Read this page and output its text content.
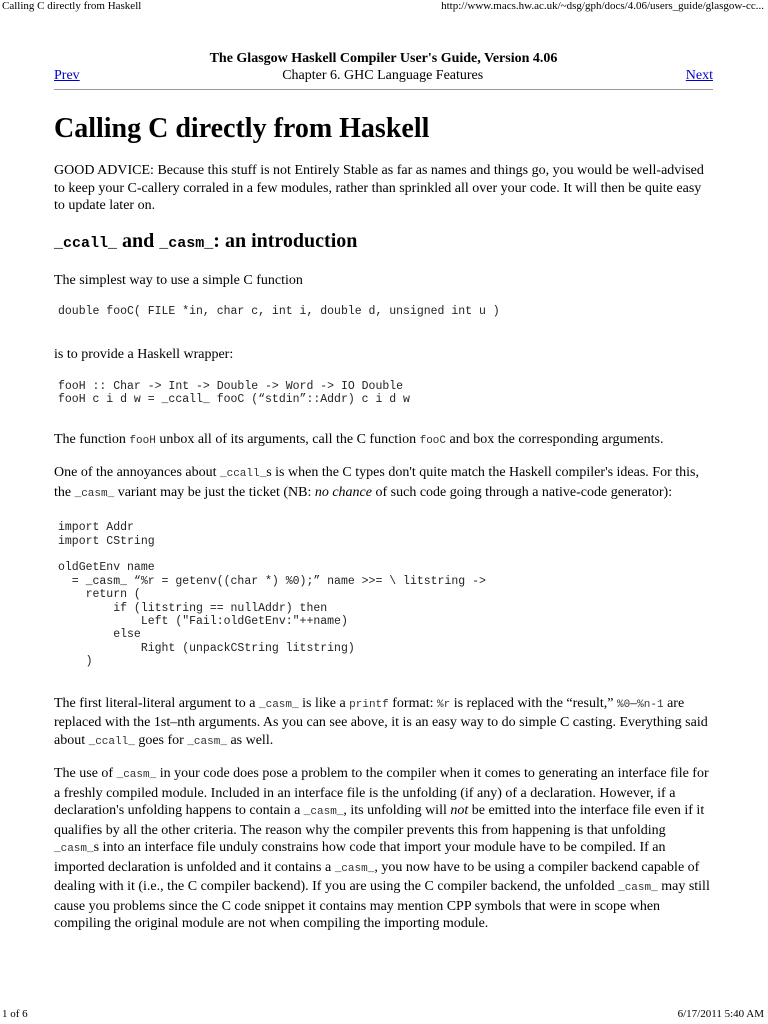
Calling C directly from Haskell	http://www.macs.hw.ac.uk/~dsg/gph/docs/4.06/users_guide/glasgow-cc...
The Glasgow Haskell Compiler User's Guide, Version 4.06
Prev	Chapter 6. GHC Language Features	Next
Calling C directly from Haskell

GOOD ADVICE: Because this stuff is not Entirely Stable as far as names and things go, you would be well-advised to keep your C-callery corraled in a few modules, rather than sprinkled all over your code. It will then be quite easy to update later on.

_ccall_ and _casm_: an introduction

The simplest way to use a simple C function

double fooC( FILE *in, char c, int i, double d, unsigned int u )

is to provide a Haskell wrapper:

fooH :: Char -> Int -> Double -> Word -> IO Double
fooH c i d w = _ccall_ fooC (“stdin”::Addr) c i d w

The function fooH unbox all of its arguments, call the C function fooC and box the corresponding arguments.

One of the annoyances about _ccall_s is when the C types don't quite match the Haskell compiler's ideas. For this, the _casm_ variant may be just the ticket (NB: no chance of such code going through a native-code generator):

import Addr
import CString

oldGetEnv name
= _casm_ “%r = getenv((char *) %0);” name >>= \ litstring ->
return (
if (litstring == nullAddr) then
Left ("Fail:oldGetEnv:"++name)
else
Right (unpackCString litstring)
)

The first literal-literal argument to a _casm_ is like a printf format: %r is replaced with the “result,” %0–%n-1 are replaced with the 1st–nth arguments. As you can see above, it is an easy way to do simple C casting. Everything said about _ccall_ goes for _casm_ as well.

The use of _casm_ in your code does pose a problem to the compiler when it comes to generating an interface file for a freshly compiled module. Included in an interface file is the unfolding (if any) of a declaration. However, if a declaration's unfolding happens to contain a _casm_, its unfolding will not be emitted into the interface file even if it qualifies by all the other criteria. The reason why the compiler prevents this from happening is that unfolding _casm_s into an interface file unduly constrains how code that import your module have to be compiled. If an imported declaration is unfolded and it contains a _casm_, you now have to be using a compiler backend capable of dealing with it (i.e., the C compiler backend). If you are using the C compiler backend, the unfolded _casm_ may still cause you problems since the C code snippet it contains may mention CPP symbols that were in scope when compiling the original module are not when compiling the importing module.

1 of 6	6/17/2011 5:40 AM
